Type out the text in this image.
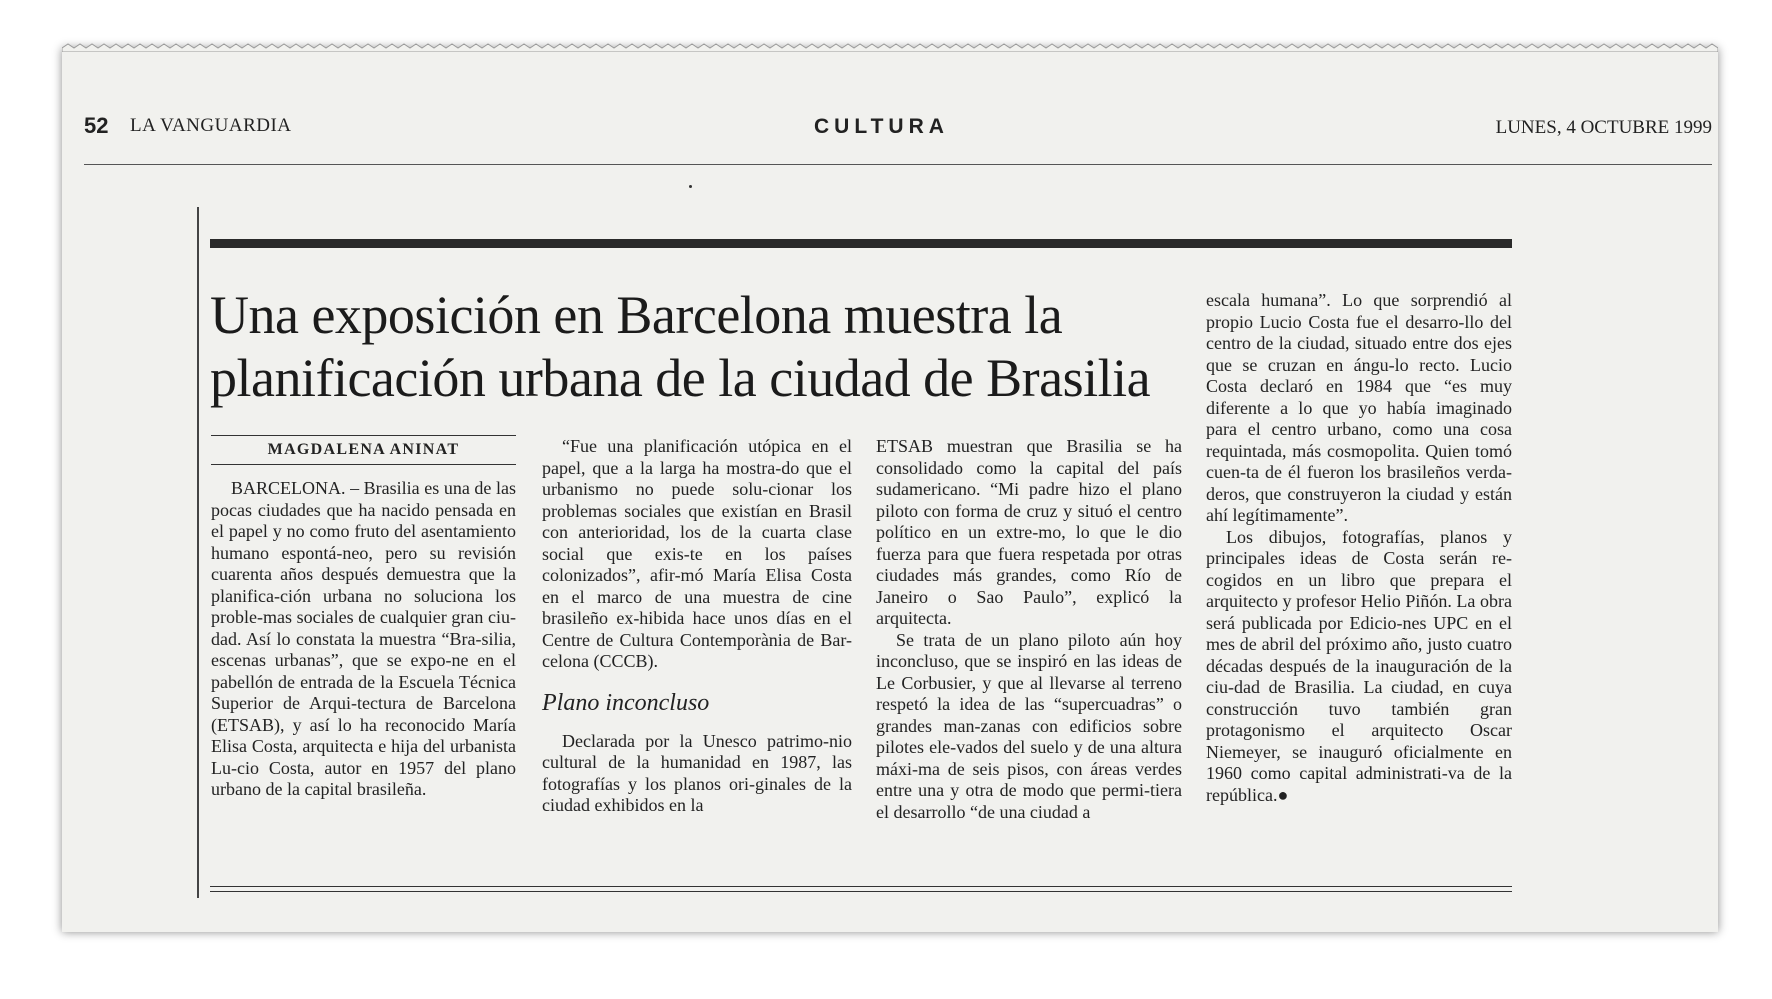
52 LA VANGUARDIA	CULTURA	LUNES, 4 OCTUBRE 1999
Una exposición en Barcelona muestra la planificación urbana de la ciudad de Brasilia
MAGDALENA ANINAT

BARCELONA. – Brasilia es una de las pocas ciudades que ha nacido pensada en el papel y no como fruto del asentamiento humano espontá-neo, pero su revisión cuarenta años después demuestra que la planifica-ción urbana no soluciona los proble-mas sociales de cualquier gran ciu-dad. Así lo constata la muestra “Bra-silia, escenas urbanas”, que se expo-ne en el pabellón de entrada de la Escuela Técnica Superior de Arqui-tectura de Barcelona (ETSAB), y así lo ha reconocido María Elisa Costa, arquitecta e hija del urbanista Lu-cio Costa, autor en 1957 del plano urbano de la capital brasileña.

“Fue una planificación utópica en el papel, que a la larga ha mostra-do que el urbanismo no puede solu-cionar los problemas sociales que existían en Brasil con anterioridad, los de la cuarta clase social que exis-te en los países colonizados”, afir-mó María Elisa Costa en el marco de una muestra de cine brasileño ex-hibida hace unos días en el Centre de Cultura Contemporània de Bar-celona (CCCB).

Plano inconcluso

Declarada por la Unesco patrimo-nio cultural de la humanidad en 1987, las fotografías y los planos ori-ginales de la ciudad exhibidos en la

ETSAB muestran que Brasilia se ha consolidado como la capital del país sudamericano. “Mi padre hizo el plano piloto con forma de cruz y situó el centro político en un extre-mo, lo que le dio fuerza para que fuera respetada por otras ciudades más grandes, como Río de Janeiro o Sao Paulo”, explicó la arquitecta.

Se trata de un plano piloto aún hoy inconcluso, que se inspiró en las ideas de Le Corbusier, y que al llevarse al terreno respetó la idea de las “supercuadras” o grandes man-zanas con edificios sobre pilotes ele-vados del suelo y de una altura máxi-ma de seis pisos, con áreas verdes entre una y otra de modo que permi-tiera el desarrollo “de una ciudad a

escala humana”. Lo que sorprendió al propio Lucio Costa fue el desarro-llo del centro de la ciudad, situado entre dos ejes que se cruzan en ángu-lo recto. Lucio Costa declaró en 1984 que “es muy diferente a lo que yo había imaginado para el centro urbano, como una cosa requintada, más cosmopolita. Quien tomó cuen-ta de él fueron los brasileños verda-deros, que construyeron la ciudad y están ahí legítimamente”.

Los dibujos, fotografías, planos y principales ideas de Costa serán re-cogidos en un libro que prepara el arquitecto y profesor Helio Piñón. La obra será publicada por Edicio-nes UPC en el mes de abril del próximo año, justo cuatro décadas después de la inauguración de la ciu-dad de Brasilia. La ciudad, en cuya construcción tuvo también gran protagonismo el arquitecto Oscar Niemeyer, se inauguró oficialmente en 1960 como capital administrati-va de la república.●
